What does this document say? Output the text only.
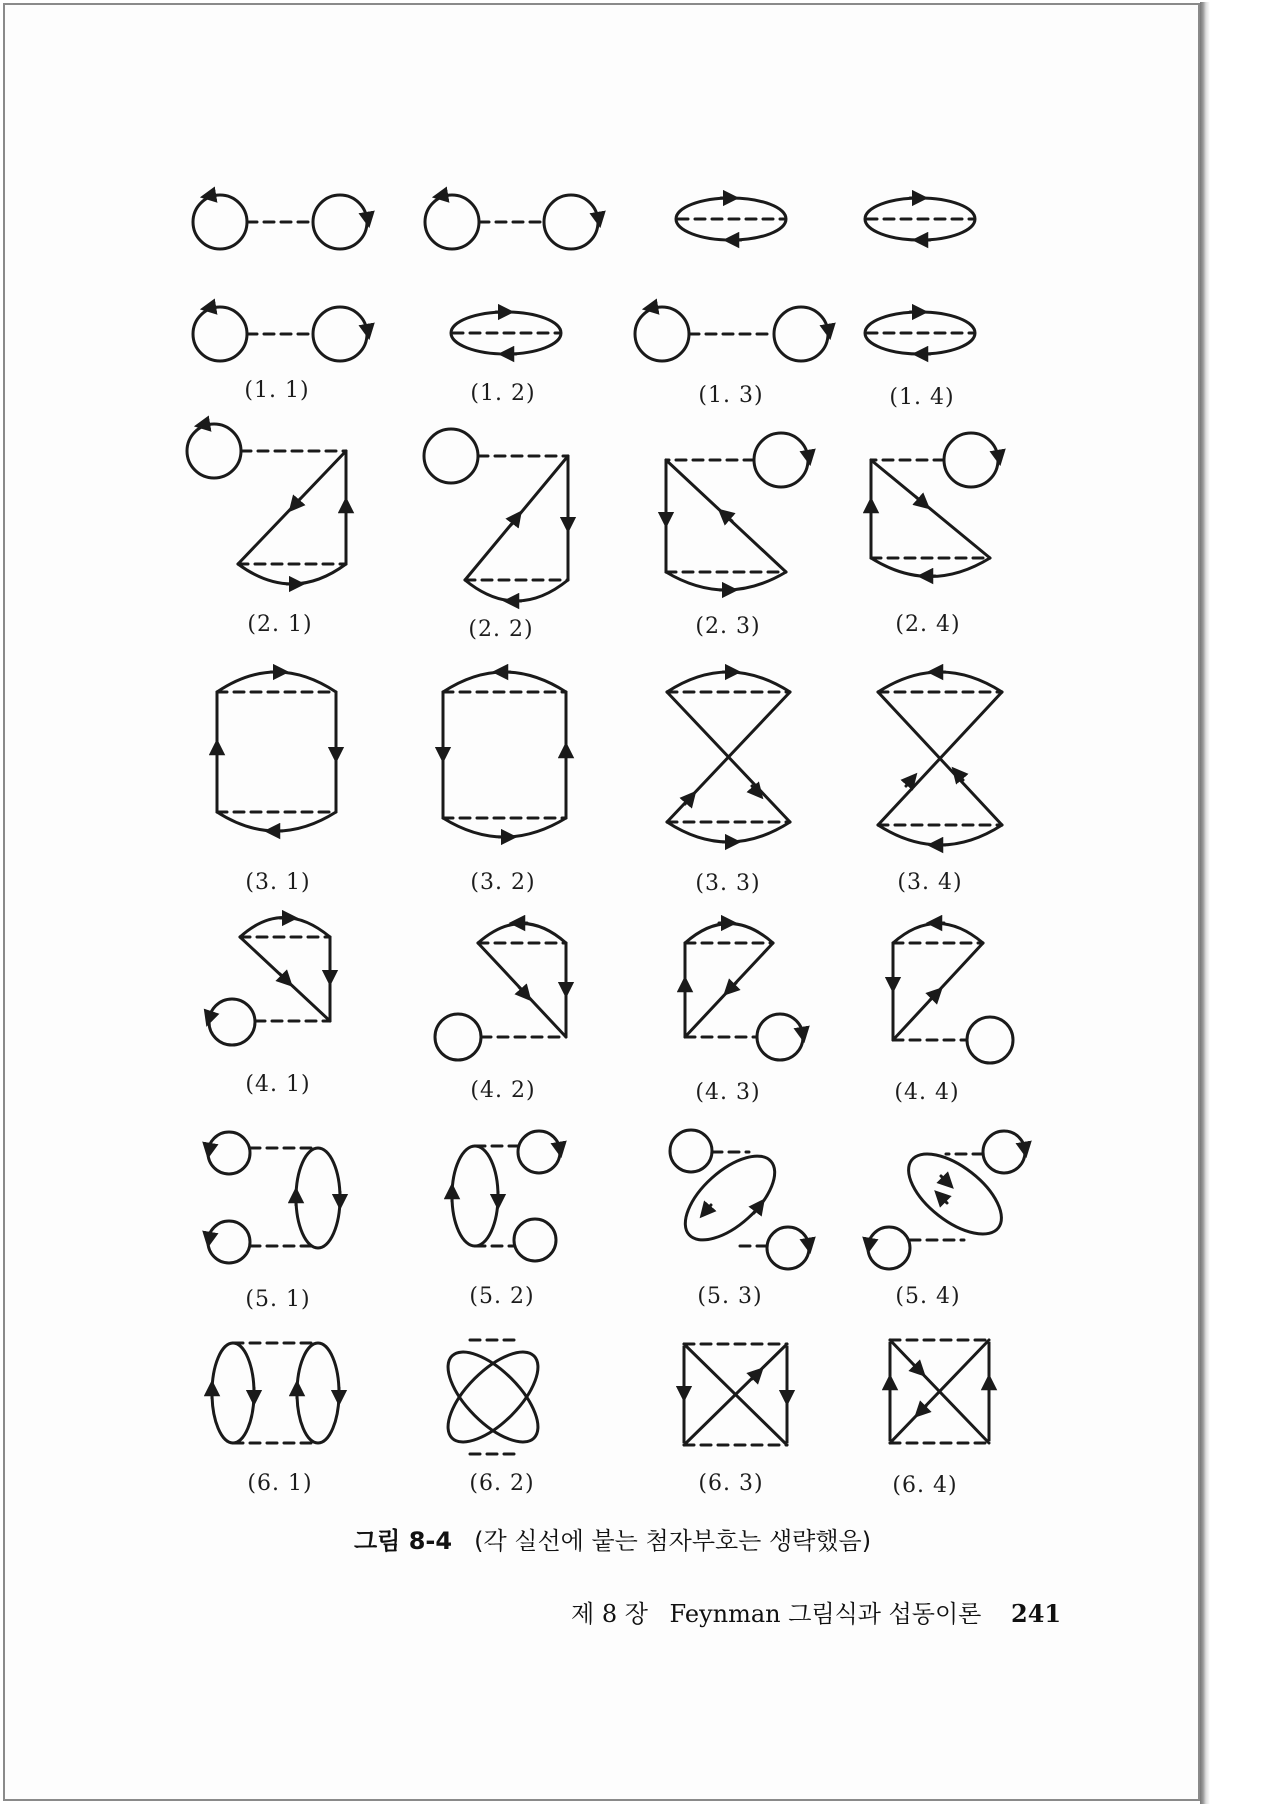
(1. 1)	(1. 2)	(1. 3)	(1. 4)
(2. 1)	(2. 2)	(2. 3)	(2. 4)
(3. 1)	(3. 2)	(3. 3)	(3. 4)
(4. 1)	(4. 2)	(4. 3)	(4. 4)
(5. 1)	(5. 2)	(5. 3)	(5. 4)
(6. 1)	(6. 2)	(6. 3)	(6. 4)
그림 8-4 (각 실선에 붙는 첨자부호는 생략했음)
제 8 장 Feynman 그림식과 섭동이론 241
